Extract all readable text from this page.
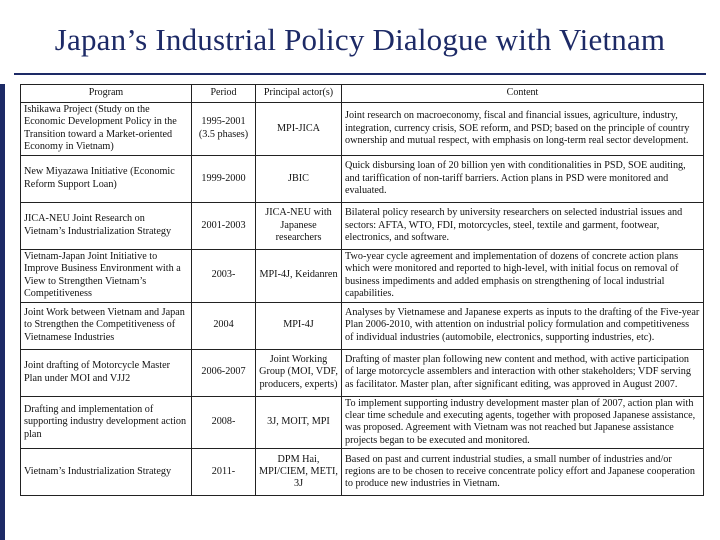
Japan’s Industrial Policy Dialogue with Vietnam
Program	Period	Principal actor(s)	Content
Ishikawa Project (Study on the Economic Development Policy in the Transition toward a Market-oriented Economy in Vietnam)	1995-2001 (3.5 phases)	MPI-JICA	Joint research on macroeconomy, fiscal and financial issues, agriculture, industry, integration, currency crisis, SOE reform, and PSD; based on the principle of country ownership and mutual respect, with emphasis on long-term real sector development.
New Miyazawa Initiative (Economic Reform Support Loan)	1999-2000	JBIC	Quick disbursing loan of 20 billion yen with conditionalities in PSD, SOE auditing, and tariffication of non-tariff barriers. Action plans in PSD were monitored and evaluated.
JICA-NEU Joint Research on Vietnam’s Industrialization Strategy	2001-2003	JICA-NEU with Japanese researchers	Bilateral policy research by university researchers on selected industrial issues and sectors: AFTA, WTO, FDI, motorcycles, steel, textile and garment, footwear, electronics, and software.
Vietnam-Japan Joint Initiative to Improve Business Environment with a View to Strengthen Vietnam’s Competitiveness	2003-	MPI-4J, Keidanren	Two-year cycle agreement and implementation of dozens of concrete action plans which were monitored and reported to high-level, with initial focus on removal of business impediments and added emphasis on strengthening of local industrial capabilities.
Joint Work between Vietnam and Japan to Strengthen the Competitiveness of Vietnamese Industries	2004	MPI-4J	Analyses by Vietnamese and Japanese experts as inputs to the drafting of the Five-year Plan 2006-2010, with attention on industrial policy formulation and competitiveness of individual industries (automobile, electronics, supporting industries, etc).
Joint drafting of Motorcycle Master Plan under MOI and VJJ2	2006-2007	Joint Working Group (MOI, VDF, producers, experts)	Drafting of master plan following new content and method, with active participation of large motorcycle assemblers and interaction with other stakeholders; VDF serving as facilitator. Master plan, after significant editing, was approved in August 2007.
Drafting and implementation of supporting industry development action plan	2008-	3J, MOIT, MPI	To implement supporting industry development master plan of 2007, action plan with clear time schedule and executing agents, together with proposed Japanese assistance, was proposed. Agreement with Vietnam was not reached but Japanese assistance projects began to be executed and monitored.
Vietnam’s Industrialization Strategy	2011-	DPM Hai, MPI/CIEM, METI, 3J	Based on past and current industrial studies, a small number of industries and/or regions are to be chosen to receive concentrate policy effort and Japanese cooperation to produce new industries in Vietnam.
